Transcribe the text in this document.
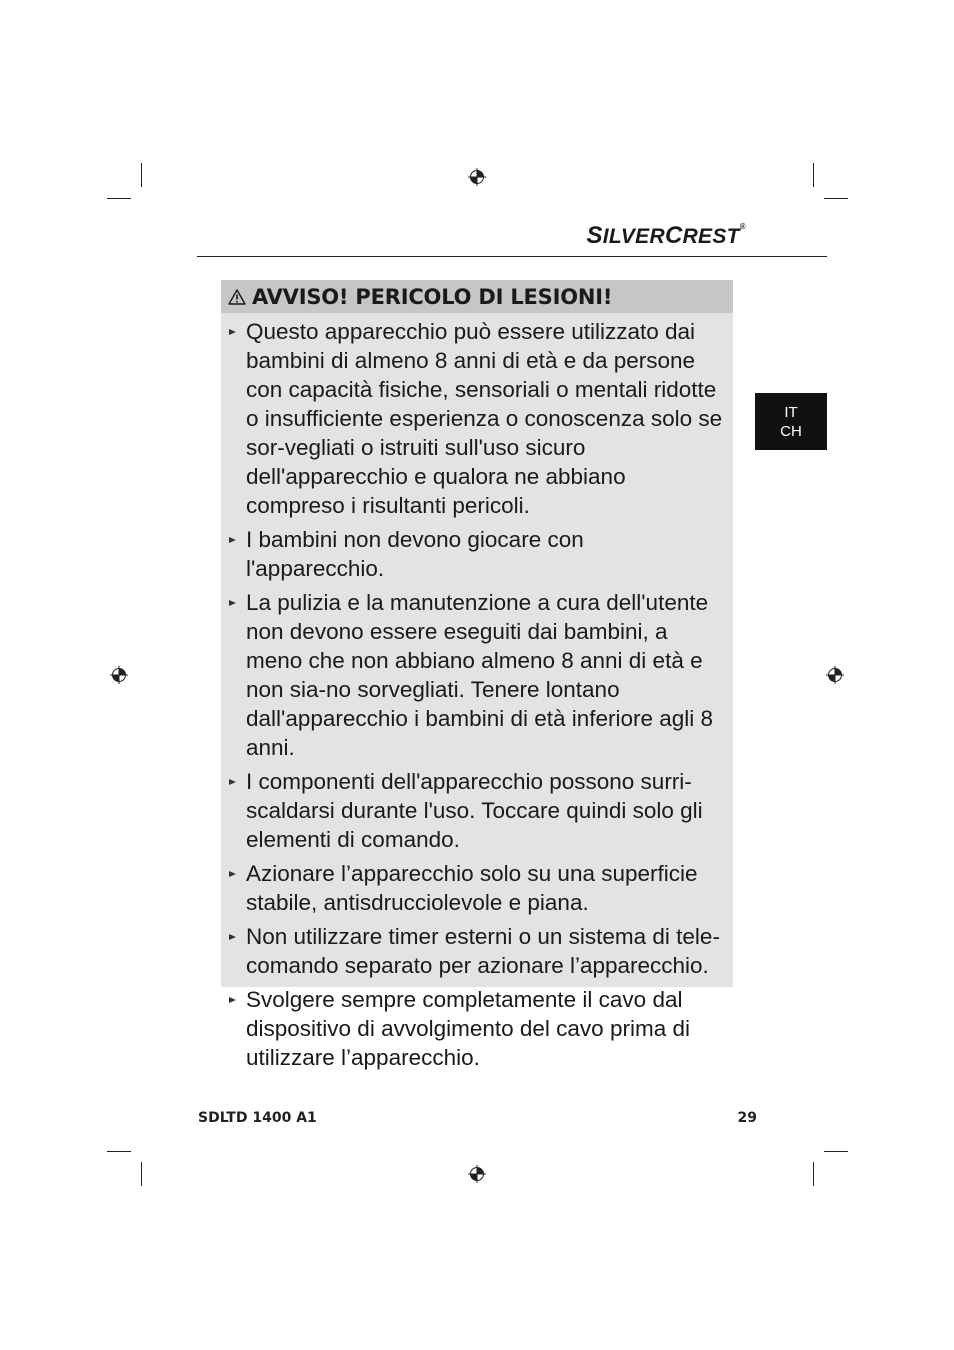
SILVERCREST®
IT
CH
AVVISO! PERICOLO DI LESIONI!
Questo apparecchio può essere utilizzato dai bambini di almeno 8 anni di età e da persone con capacità fisiche, sensoriali o mentali ridotte o insufficiente esperienza o conoscenza solo se sor-vegliati o istruiti sull'uso sicuro dell'apparecchio e qualora ne abbiano compreso i risultanti pericoli.
I bambini non devono giocare con l'apparecchio.
La pulizia e la manutenzione a cura dell'utente non devono essere eseguiti dai bambini, a meno che non abbiano almeno 8 anni di età e non sia-no sorvegliati. Tenere lontano dall'apparecchio i bambini di età inferiore agli 8 anni.
I componenti dell'apparecchio possono surri-scaldarsi durante l'uso. Toccare quindi solo gli elementi di comando.
Azionare l’apparecchio solo su una superficie stabile, antisdrucciolevole e piana.
Non utilizzare timer esterni o un sistema di tele-comando separato per azionare l’apparecchio.
Svolgere sempre completamente il cavo dal dispositivo di avvolgimento del cavo prima di utilizzare l’apparecchio.
SDLTD 1400 A1	29
